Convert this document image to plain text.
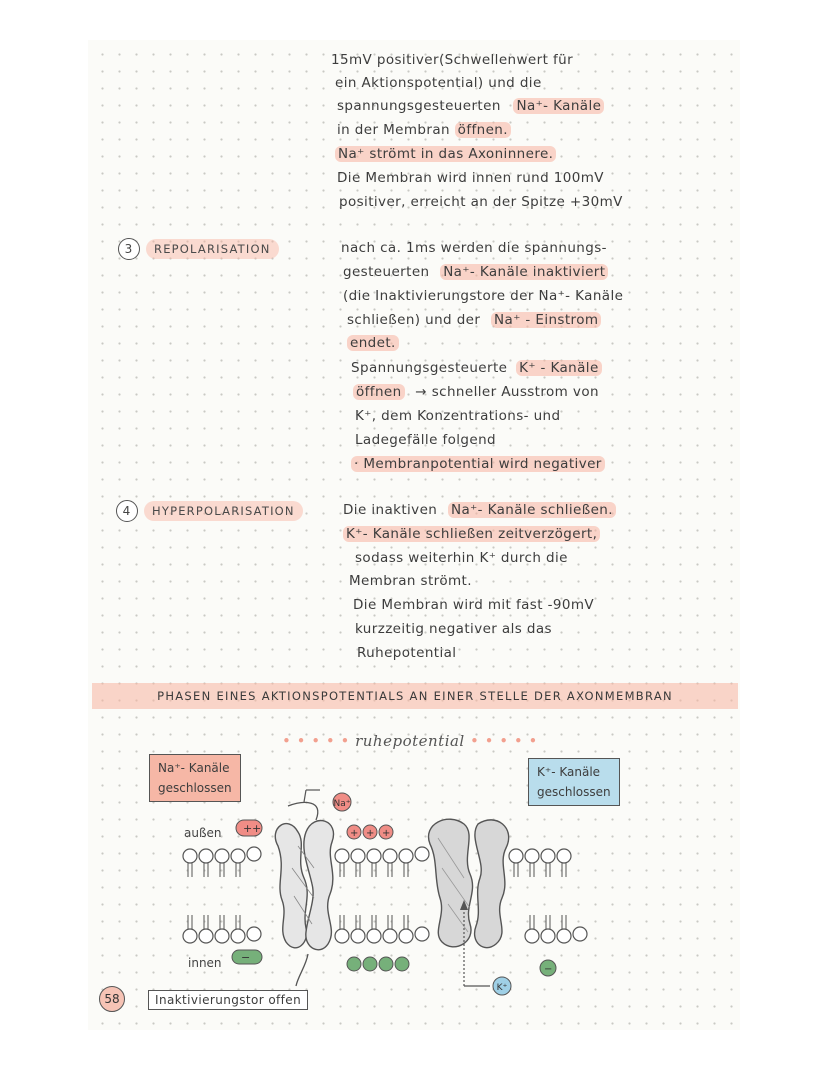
15mV positiver(Schwellenwert für
ein Aktionspotential) und die
spannungsgesteuerten Na⁺- Kanäle
in der Membran öffnen.
Na⁺ strömt in das Axoninnere.
Die Membran wird innen rund 100mV
positiver, erreicht an der Spitze +30mV
3	REPOLARISATION	nach ca. 1ms werden die spannungs-
gesteuerten Na⁺- Kanäle inaktiviert
(die Inaktivierungstore der Na⁺- Kanäle
schließen) und der Na⁺ - Einstrom
endet.
Spannungsgesteuerte K⁺ - Kanäle
öffnen → schneller Ausstrom von
K⁺, dem Konzentrations- und
Ladegefälle folgend
· Membranpotential wird negativer
4	HYPERPOLARISATION	Die inaktiven Na⁺- Kanäle schließen.
K⁺- Kanäle schließen zeitverzögert,
sodass weiterhin K⁺ durch die
Membran strömt.
Die Membran wird mit fast -90mV
kurzzeitig negativer als das
Ruhepotential
PHASEN EINES AKTIONSPOTENTIALS AN EINER STELLE DER AXONMEMBRAN
• • • • • ruhepotential • • • • •
Na⁺- Kanäle
geschlossen
K⁺- Kanäle
geschlossen
außen
innen
Na⁺
+ +	+ + +
−
−
K⁺
58	Inaktivierungstor offen
